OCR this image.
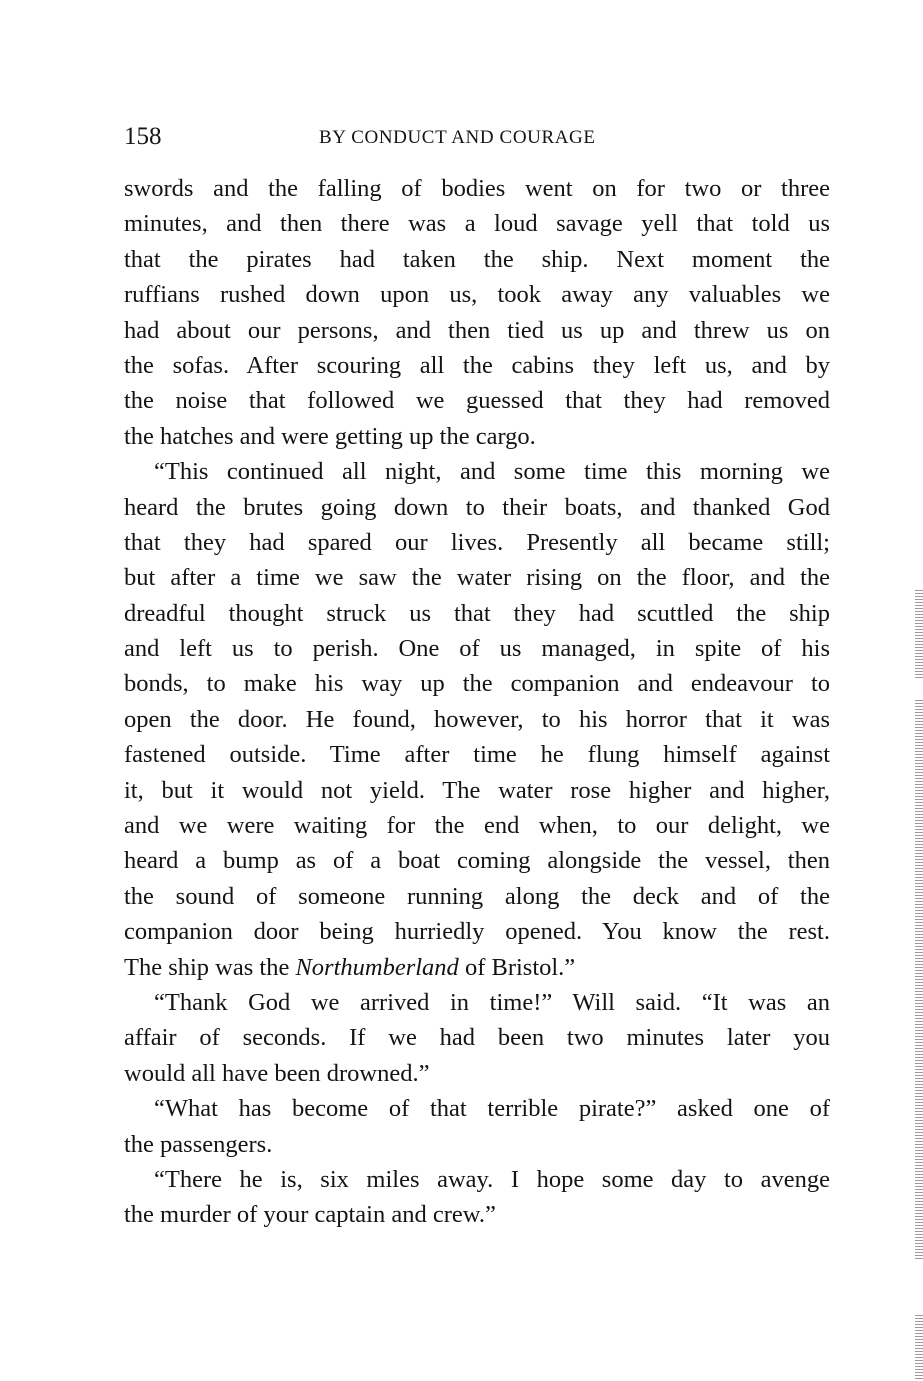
158	BY CONDUCT AND COURAGE
swords and the falling of bodies went on for two or three
minutes, and then there was a loud savage yell that told us
that the pirates had taken the ship. Next moment the
ruffians rushed down upon us, took away any valuables we
had about our persons, and then tied us up and threw us on
the sofas. After scouring all the cabins they left us, and by
the noise that followed we guessed that they had removed
the hatches and were getting up the cargo.
“This continued all night, and some time this morning we
heard the brutes going down to their boats, and thanked God
that they had spared our lives. Presently all became still;
but after a time we saw the water rising on the floor, and the
dreadful thought struck us that they had scuttled the ship
and left us to perish. One of us managed, in spite of his
bonds, to make his way up the companion and endeavour to
open the door. He found, however, to his horror that it was
fastened outside. Time after time he flung himself against
it, but it would not yield. The water rose higher and higher,
and we were waiting for the end when, to our delight, we
heard a bump as of a boat coming alongside the vessel, then
the sound of someone running along the deck and of the
companion door being hurriedly opened. You know the rest.
The ship was the Northumberland of Bristol.”
“Thank God we arrived in time!” Will said. “It was an
affair of seconds. If we had been two minutes later you
would all have been drowned.”
“What has become of that terrible pirate?” asked one of
the passengers.
“There he is, six miles away. I hope some day to avenge
the murder of your captain and crew.”
